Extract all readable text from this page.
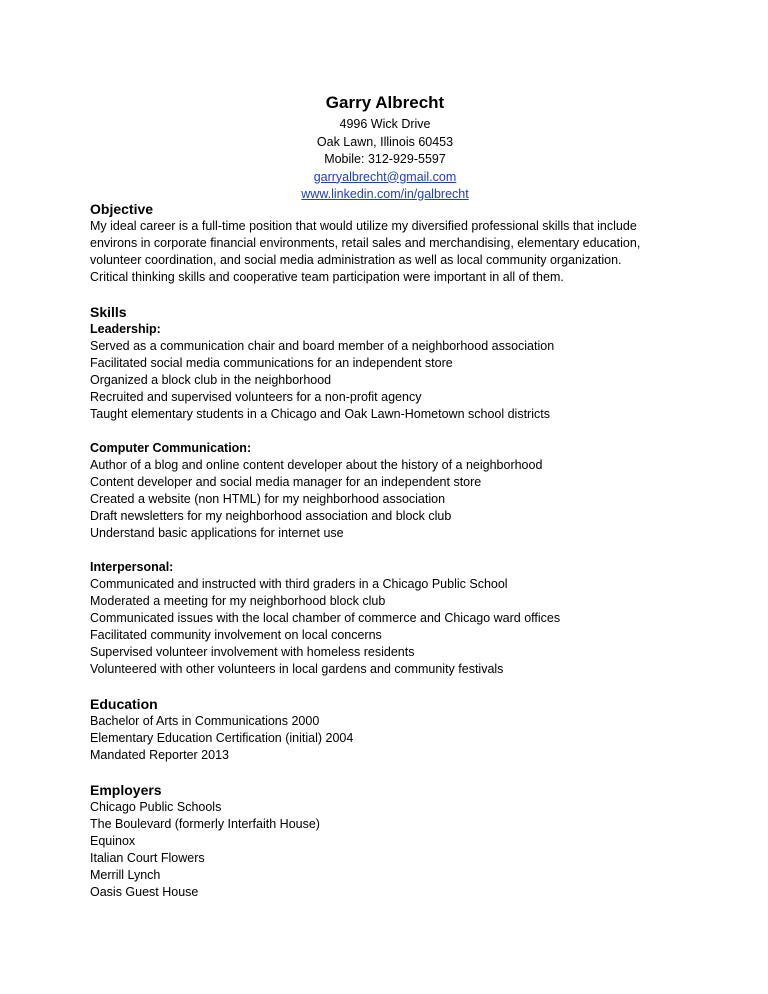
Garry Albrecht
4996 Wick Drive
Oak Lawn, Illinois 60453
Mobile: 312-929-5597
garryalbrecht@gmail.com
www.linkedin.com/in/galbrecht
Objective
My ideal career is a full-time position that would utilize my diversified professional skills that include
environs in corporate financial environments, retail sales and merchandising, elementary education,
volunteer coordination, and social media administration as well as local community organization.
Critical thinking skills and cooperative team participation were important in all of them.
Skills
Leadership:
Served as a communication chair and board member of a neighborhood association
Facilitated social media communications for an independent store
Organized a block club in the neighborhood
Recruited and supervised volunteers for a non-profit agency
Taught elementary students in a Chicago and Oak Lawn-Hometown school districts
Computer Communication:
Author of a blog and online content developer about the history of a neighborhood
Content developer and social media manager for an independent store
Created a website (non HTML) for my neighborhood association
Draft newsletters for my neighborhood association and block club
Understand basic applications for internet use
Interpersonal:
Communicated and instructed with third graders in a Chicago Public School
Moderated a meeting for my neighborhood block club
Communicated issues with the local chamber of commerce and Chicago ward offices
Facilitated community involvement on local concerns
Supervised volunteer involvement with homeless residents
Volunteered with other volunteers in local gardens and community festivals
Education
Bachelor of Arts in Communications 2000
Elementary Education Certification (initial) 2004
Mandated Reporter 2013
Employers
Chicago Public Schools
The Boulevard (formerly Interfaith House)
Equinox
Italian Court Flowers
Merrill Lynch
Oasis Guest House
